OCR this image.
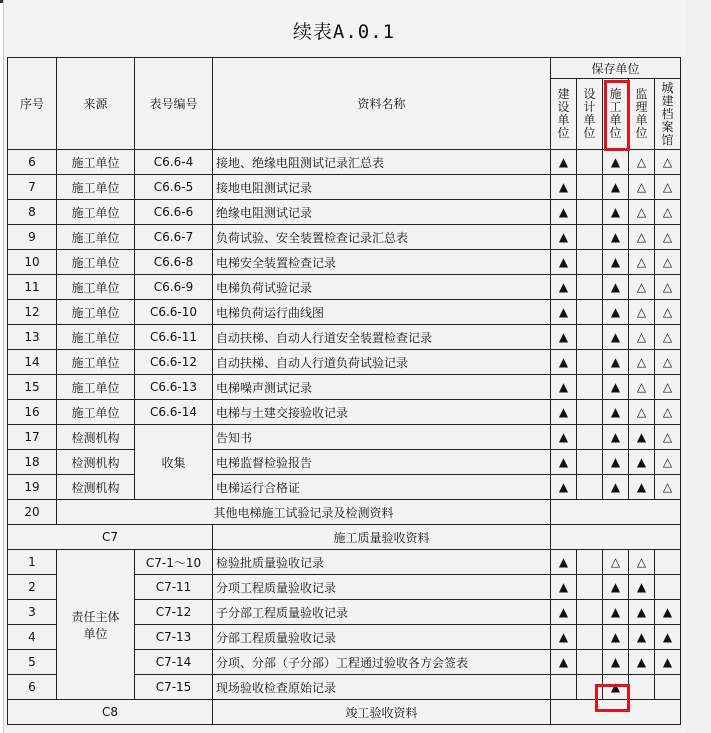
续表A.0.1
序号	来源	表号编号	资料名称	保存单位				
				建设单位	设计单位	施工单位	监理单位	城建档案馆
6	施工单位	C6.6-4	接地、绝缘电阻测试记录汇总表	▲		▲	△	△
7	施工单位	C6.6-5	接地电阻测试记录	▲		▲	△	△
8	施工单位	C6.6-6	绝缘电阻测试记录	▲		▲	△	△
9	施工单位	C6.6-7	负荷试验、安全装置检查记录汇总表	▲		▲	△	△
10	施工单位	C6.6-8	电梯安全装置检查记录	▲		▲	△	△
11	施工单位	C6.6-9	电梯负荷试验记录	▲		▲	△	△
12	施工单位	C6.6-10	电梯负荷运行曲线图	▲		▲	△	△
13	施工单位	C6.6-11	自动扶梯、自动人行道安全装置检查记录	▲		▲	△	△
14	施工单位	C6.6-12	自动扶梯、自动人行道负荷试验记录	▲		▲	△	△
15	施工单位	C6.6-13	电梯噪声测试记录	▲		▲	△	△
16	施工单位	C6.6-14	电梯与土建交接验收记录	▲		▲	△	△
17	检测机构	收集	告知书	▲		▲	▲	△
18	检测机构		电梯监督检验报告	▲		▲	▲	△
19	检测机构		电梯运行合格证	▲		▲	▲	△
20	其他电梯施工试验记录及检测资料							
C7			施工质量验收资料					
1	责任主体单位	C7-1～10	检验批质量验收记录	▲		△	△	
2		C7-11	分项工程质量验收记录	▲		▲	▲	
3		C7-12	子分部工程质量验收记录	▲		▲	▲	▲
4		C7-13	分部工程质量验收记录	▲		▲	▲	▲
5		C7-14	分项、分部（子分部）工程通过验收各方会签表	▲		▲	▲	▲
6		C7-15	现场验收检查原始记录			▲		
C8			竣工验收资料					
